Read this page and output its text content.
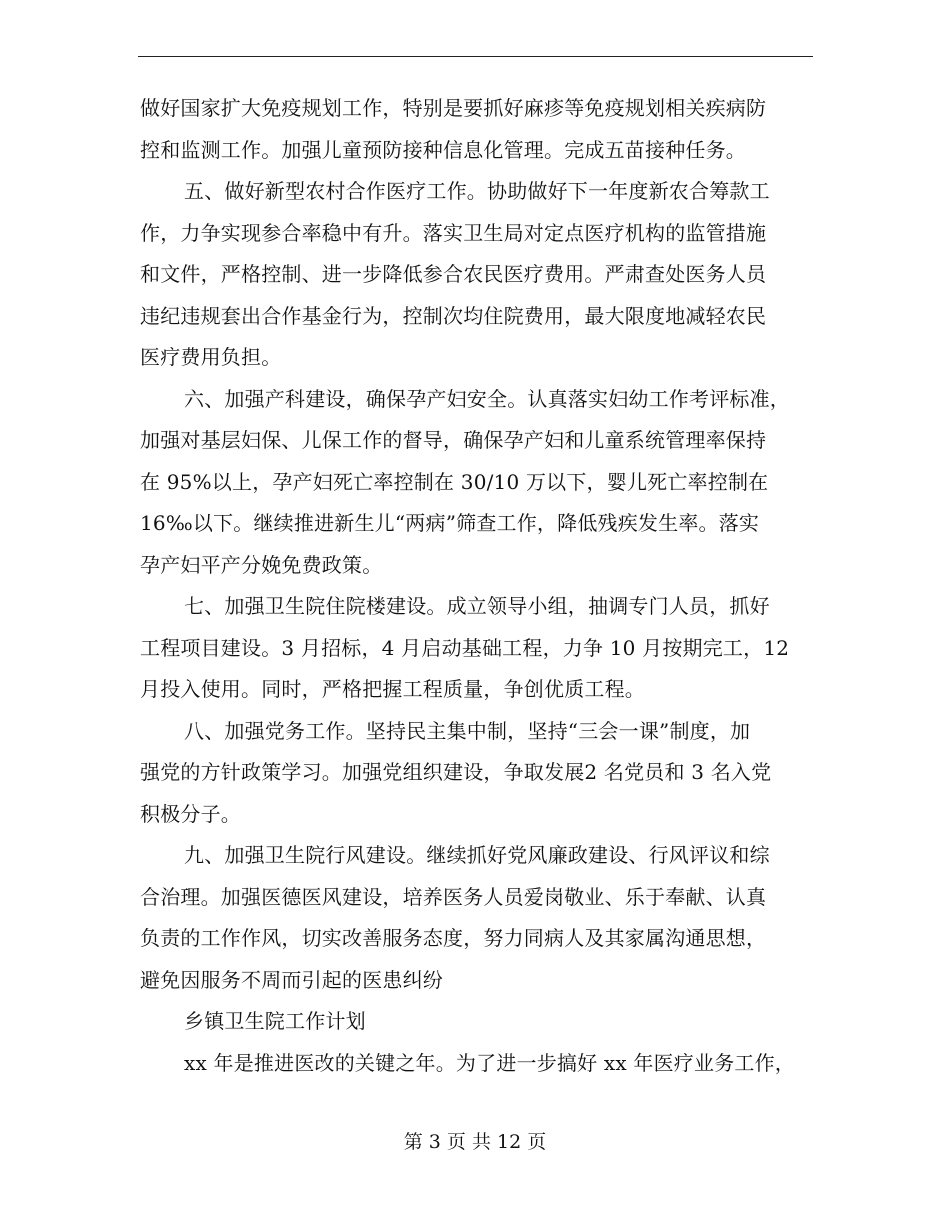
做好国家扩大免疫规划工作，特别是要抓好麻疹等免疫规划相关疾病防
控和监测工作。加强儿童预防接种信息化管理。完成五苗接种任务。
五、做好新型农村合作医疗工作。协助做好下一年度新农合筹款工
作，力争实现参合率稳中有升。落实卫生局对定点医疗机构的监管措施
和文件，严格控制、进一步降低参合农民医疗费用。严肃查处医务人员
违纪违规套出合作基金行为，控制次均住院费用，最大限度地减轻农民
医疗费用负担。
六、加强产科建设，确保孕产妇安全。认真落实妇幼工作考评标准，
加强对基层妇保、儿保工作的督导，确保孕产妇和儿童系统管理率保持
在 95%以上，孕产妇死亡率控制在 30/10 万以下，婴儿死亡率控制在
16‰以下。继续推进新生儿“两病”筛查工作，降低残疾发生率。落实
孕产妇平产分娩免费政策。
七、加强卫生院住院楼建设。成立领导小组，抽调专门人员，抓好
工程项目建设。3 月招标，4 月启动基础工程，力争 10 月按期完工，12
月投入使用。同时，严格把握工程质量，争创优质工程。
八、加强党务工作。坚持民主集中制，坚持“三会一课”制度，加
强党的方针政策学习。加强党组织建设，争取发展2 名党员和 3 名入党
积极分子。
九、加强卫生院行风建设。继续抓好党风廉政建设、行风评议和综
合治理。加强医德医风建设，培养医务人员爱岗敬业、乐于奉献、认真
负责的工作作风，切实改善服务态度，努力同病人及其家属沟通思想，
避免因服务不周而引起的医患纠纷
乡镇卫生院工作计划
xx 年是推进医改的关键之年。为了进一步搞好 xx 年医疗业务工作，
第 3 页 共 12 页
